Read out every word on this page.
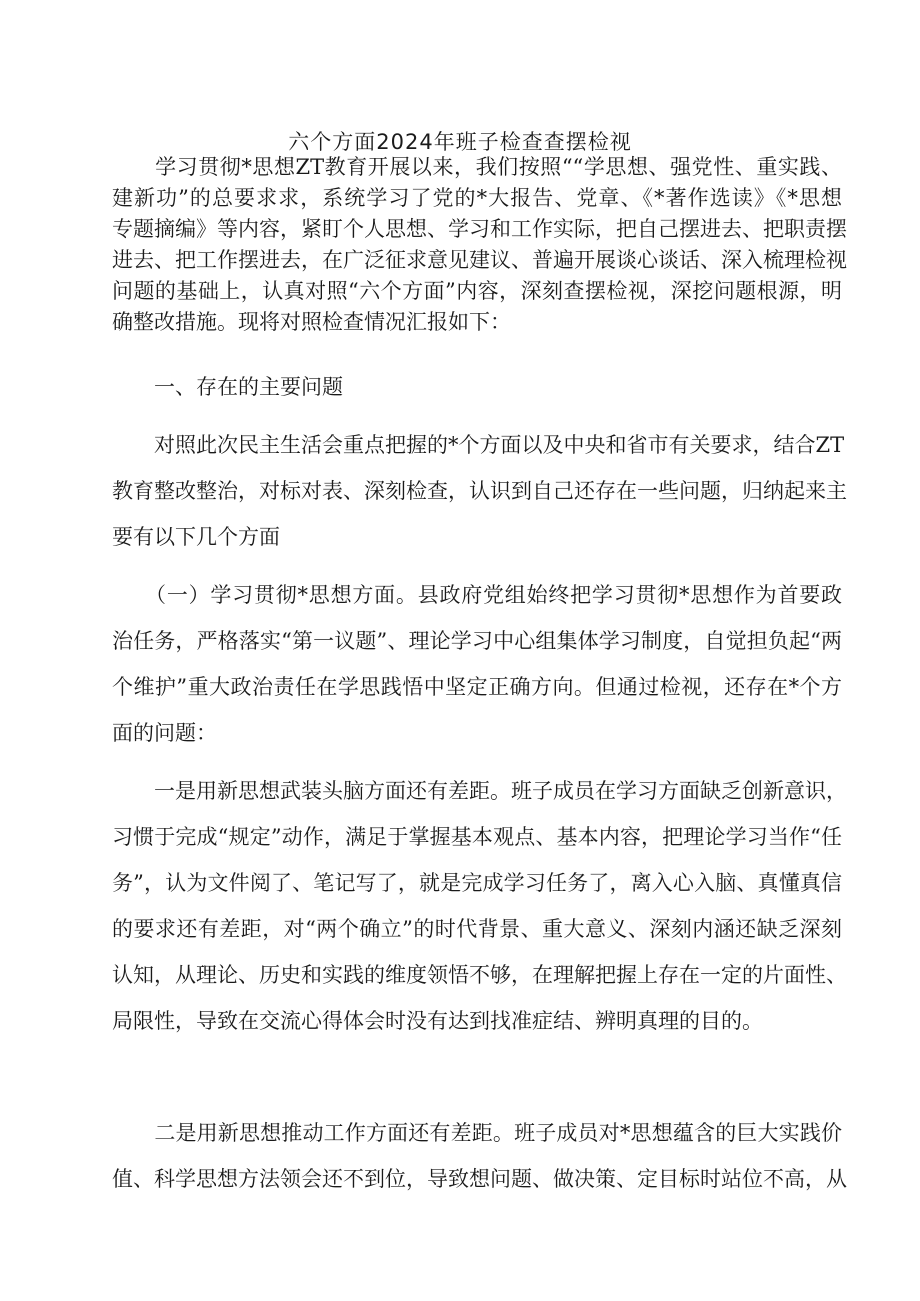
六个方面2024年班子检查查摆检视
　　学习贯彻*思想ZT教育开展以来，我们按照““学思想、强党性、重实践、
建新功”的总要求求，系统学习了党的*大报告、党章、《*著作选读》《*思想
专题摘编》等内容，紧盯个人思想、学习和工作实际，把自己摆进去、把职责摆
进去、把工作摆进去，在广泛征求意见建议、普遍开展谈心谈话、深入梳理检视
问题的基础上，认真对照“六个方面”内容，深刻查摆检视，深挖问题根源，明
确整改措施。现将对照检查情况汇报如下：
　　一、存在的主要问题
　　对照此次民主生活会重点把握的*个方面以及中央和省市有关要求，结合ZT
教育整改整治，对标对表、深刻检查，认识到自己还存在一些问题，归纳起来主
要有以下几个方面
　　（一）学习贯彻*思想方面。县政府党组始终把学习贯彻*思想作为首要政
治任务，严格落实“第一议题”、理论学习中心组集体学习制度，自觉担负起“两
个维护”重大政治责任在学思践悟中坚定正确方向。但通过检视，还存在*个方
面的问题：
　　一是用新思想武装头脑方面还有差距。班子成员在学习方面缺乏创新意识，
习惯于完成“规定”动作，满足于掌握基本观点、基本内容，把理论学习当作“任
务”，认为文件阅了、笔记写了，就是完成学习任务了，离入心入脑、真懂真信
的要求还有差距，对“两个确立”的时代背景、重大意义、深刻内涵还缺乏深刻
认知，从理论、历史和实践的维度领悟不够，在理解把握上存在一定的片面性、
局限性，导致在交流心得体会时没有达到找准症结、辨明真理的目的。
　　二是用新思想推动工作方面还有差距。班子成员对*思想蕴含的巨大实践价
值、科学思想方法领会还不到位，导致想问题、做决策、定目标时站位不高，从
